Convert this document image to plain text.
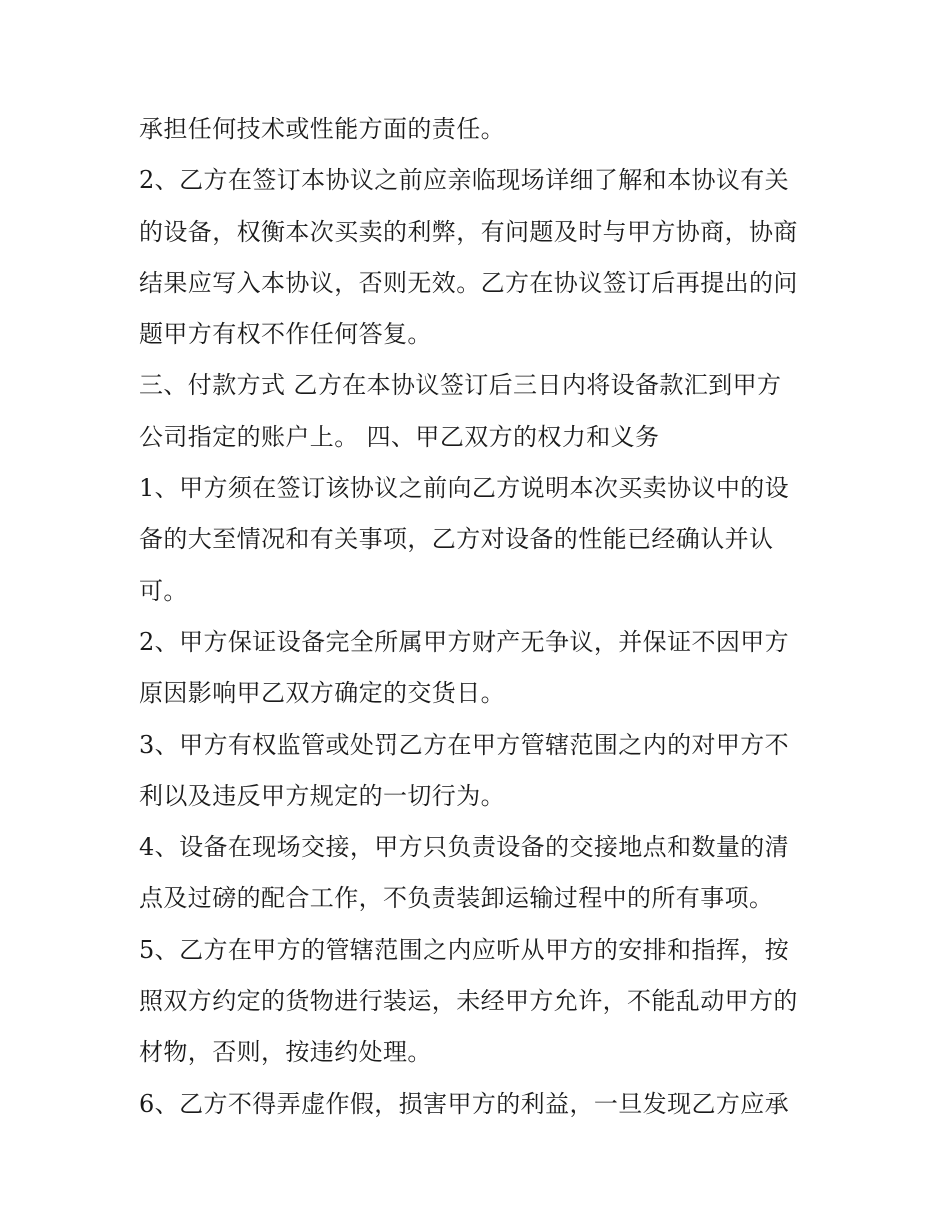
承担任何技术或性能方面的责任。
2、乙方在签订本协议之前应亲临现场详细了解和本协议有关
的设备，权衡本次买卖的利弊，有问题及时与甲方协商，协商
结果应写入本协议，否则无效。乙方在协议签订后再提出的问
题甲方有权不作任何答复。
三、付款方式 乙方在本协议签订后三日内将设备款汇到甲方
公司指定的账户上。 四、甲乙双方的权力和义务
1、甲方须在签订该协议之前向乙方说明本次买卖协议中的设
备的大至情况和有关事项，乙方对设备的性能已经确认并认
可。
2、甲方保证设备完全所属甲方财产无争议，并保证不因甲方
原因影响甲乙双方确定的交货日。
3、甲方有权监管或处罚乙方在甲方管辖范围之内的对甲方不
利以及违反甲方规定的一切行为。
4、设备在现场交接，甲方只负责设备的交接地点和数量的清
点及过磅的配合工作，不负责装卸运输过程中的所有事项。
5、乙方在甲方的管辖范围之内应听从甲方的安排和指挥，按
照双方约定的货物进行装运，未经甲方允许，不能乱动甲方的
材物，否则，按违约处理。
6、乙方不得弄虚作假，损害甲方的利益，一旦发现乙方应承
